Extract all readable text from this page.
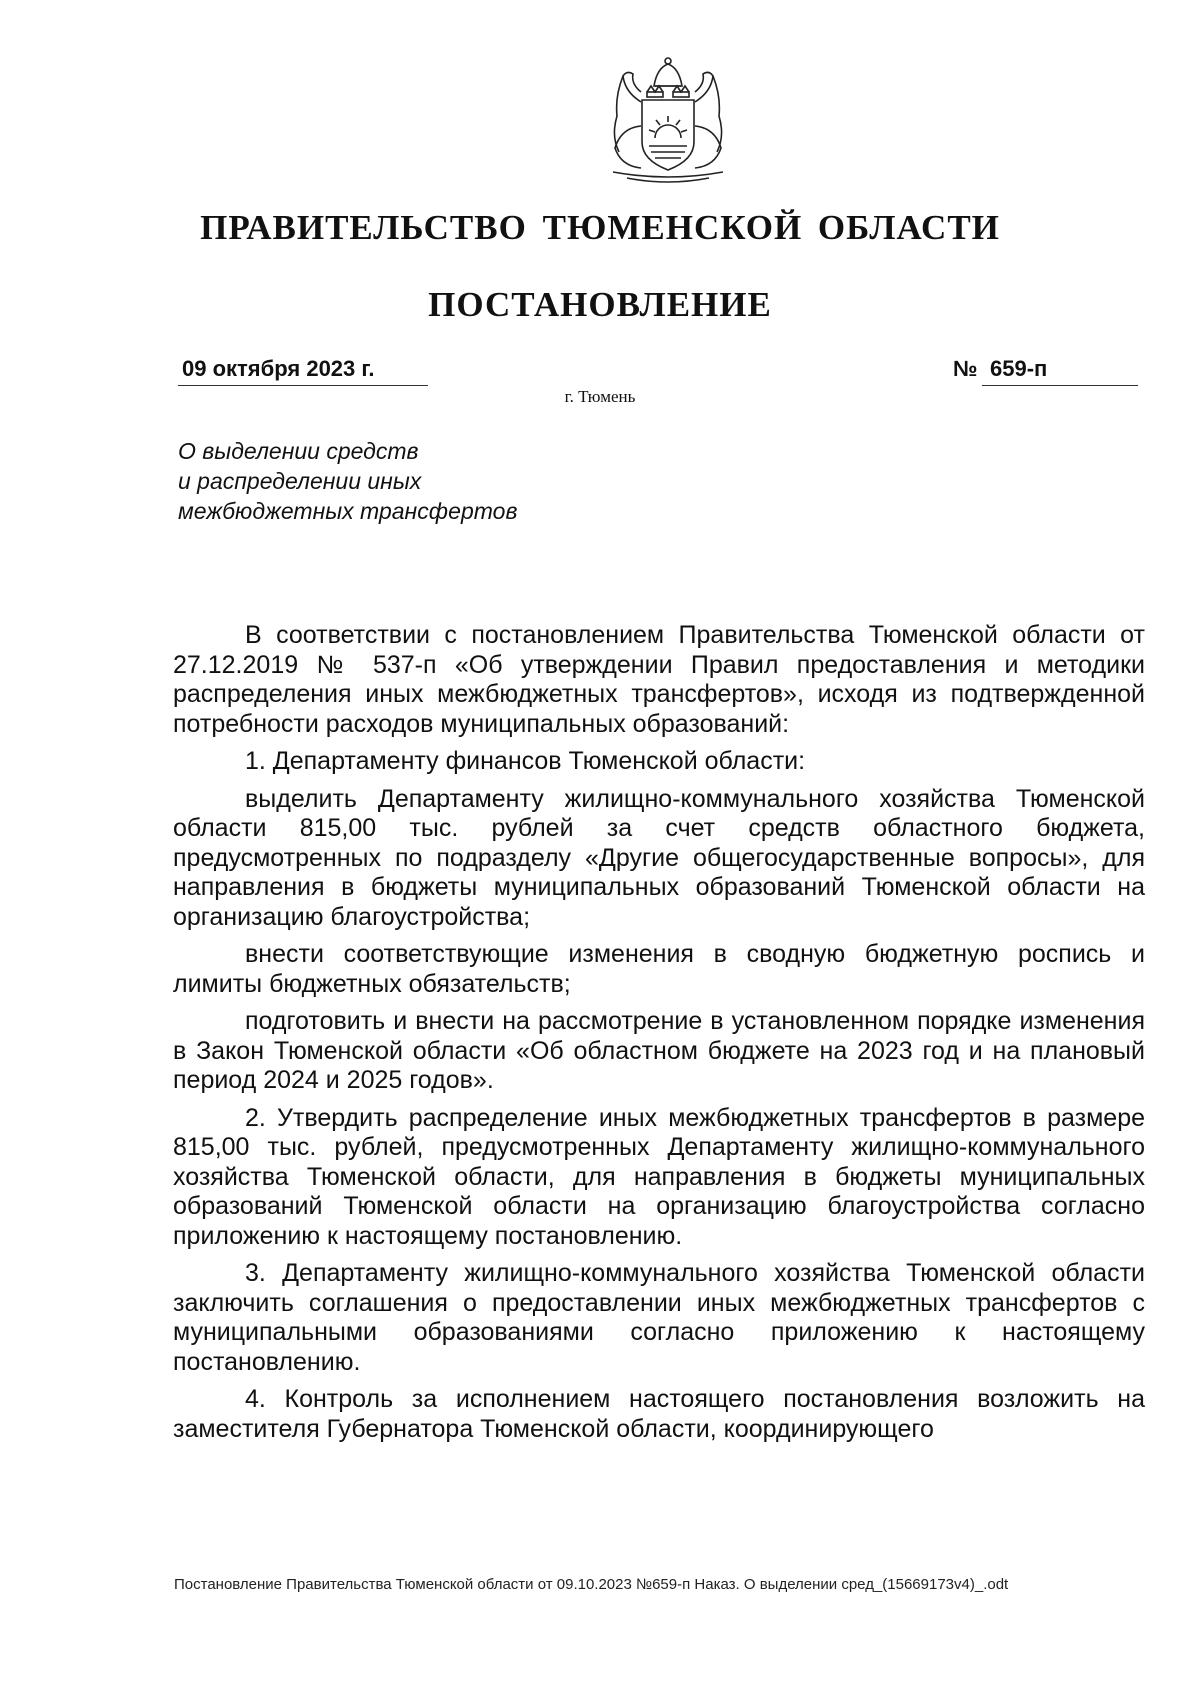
ПРАВИТЕЛЬСТВО ТЮМЕНСКОЙ ОБЛАСТИ
ПОСТАНОВЛЕНИЕ
09 октября 2023 г.	№ 659-п
г. Тюмень
О выделении средств
и распределении иных
межбюджетных трансфертов

В соответствии с постановлением Правительства Тюменской области от 27.12.2019 № 537-п «Об утверждении Правил предоставления и методики распределения иных межбюджетных трансфертов», исходя из подтвержденной потребности расходов муниципальных образований:

1. Департаменту финансов Тюменской области:

выделить Департаменту жилищно-коммунального хозяйства Тюменской области 815,00 тыс. рублей за счет средств областного бюджета, предусмотренных по подразделу «Другие общегосударственные вопросы», для направления в бюджеты муниципальных образований Тюменской области на организацию благоустройства;

внести соответствующие изменения в сводную бюджетную роспись и лимиты бюджетных обязательств;

подготовить и внести на рассмотрение в установленном порядке изменения в Закон Тюменской области «Об областном бюджете на 2023 год и на плановый период 2024 и 2025 годов».

2. Утвердить распределение иных межбюджетных трансфертов в размере 815,00 тыс. рублей, предусмотренных Департаменту жилищно-коммунального хозяйства Тюменской области, для направления в бюджеты муниципальных образований Тюменской области на организацию благоустройства согласно приложению к настоящему постановлению.

3. Департаменту жилищно-коммунального хозяйства Тюменской области заключить соглашения о предоставлении иных межбюджетных трансфертов с муниципальными образованиями согласно приложению к настоящему постановлению.

4. Контроль за исполнением настоящего постановления возложить на заместителя Губернатора Тюменской области, координирующего

Постановление Правительства Тюменской области от 09.10.2023 №659-п Наказ. О выделении сред_(15669173v4)_.odt
